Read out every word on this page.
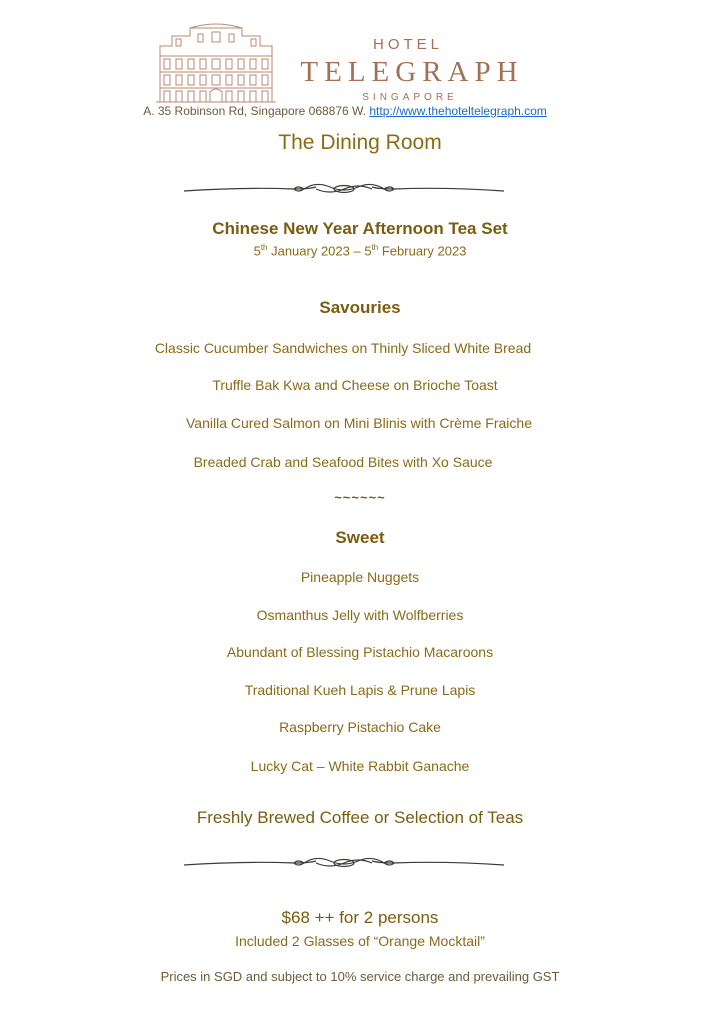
HOTEL
TELEGRAPH
SINGAPORE
A. 35 Robinson Rd, Singapore 068876 W. http://www.thehoteltelegraph.com
The Dining Room
Chinese New Year Afternoon Tea Set
5th January 2023 – 5th February 2023
Savouries
Classic Cucumber Sandwiches on Thinly Sliced White Bread
Truffle Bak Kwa and Cheese on Brioche Toast
Vanilla Cured Salmon on Mini Blinis with Crème Fraiche
Breaded Crab and Seafood Bites with Xo Sauce
~~~~~~
Sweet
Pineapple Nuggets
Osmanthus Jelly with Wolfberries
Abundant of Blessing Pistachio Macaroons
Traditional Kueh Lapis & Prune Lapis
Raspberry Pistachio Cake
Lucky Cat – White Rabbit Ganache
Freshly Brewed Coffee or Selection of Teas
$68 ++ for 2 persons
Included 2 Glasses of “Orange Mocktail”
Prices in SGD and subject to 10% service charge and prevailing GST
